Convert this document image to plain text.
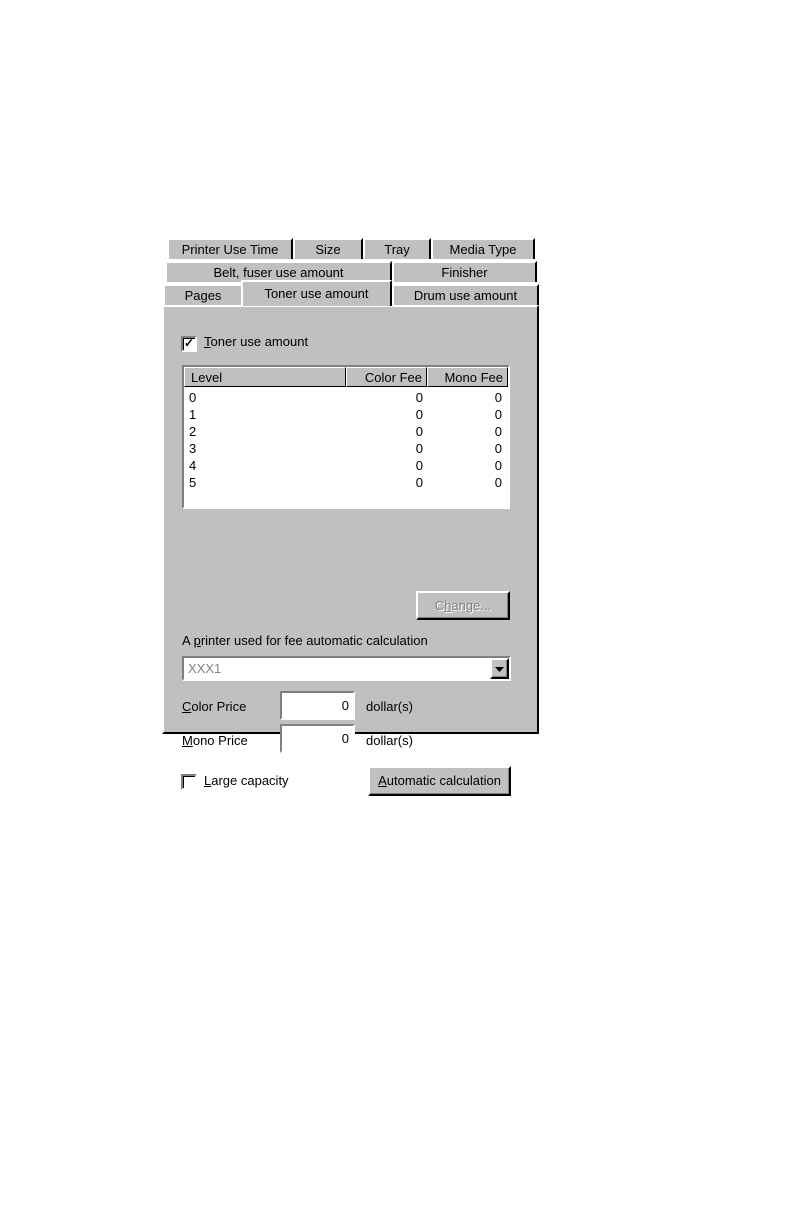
Printer Use Time	Size	Tray	Media Type
Belt, fuser use amount	Finisher
Pages	Toner use amount	Drum use amount
✓ Toner use amount
Level	Color Fee	Mono Fee
0	0	0
1	0	0
2	0	0
3	0	0
4	0	0
5	0	0
Change...
A printer used for fee automatic calculation
XXX1
Color Price	0	dollar(s)
Mono Price	0	dollar(s)
Large capacity	Automatic calculation
